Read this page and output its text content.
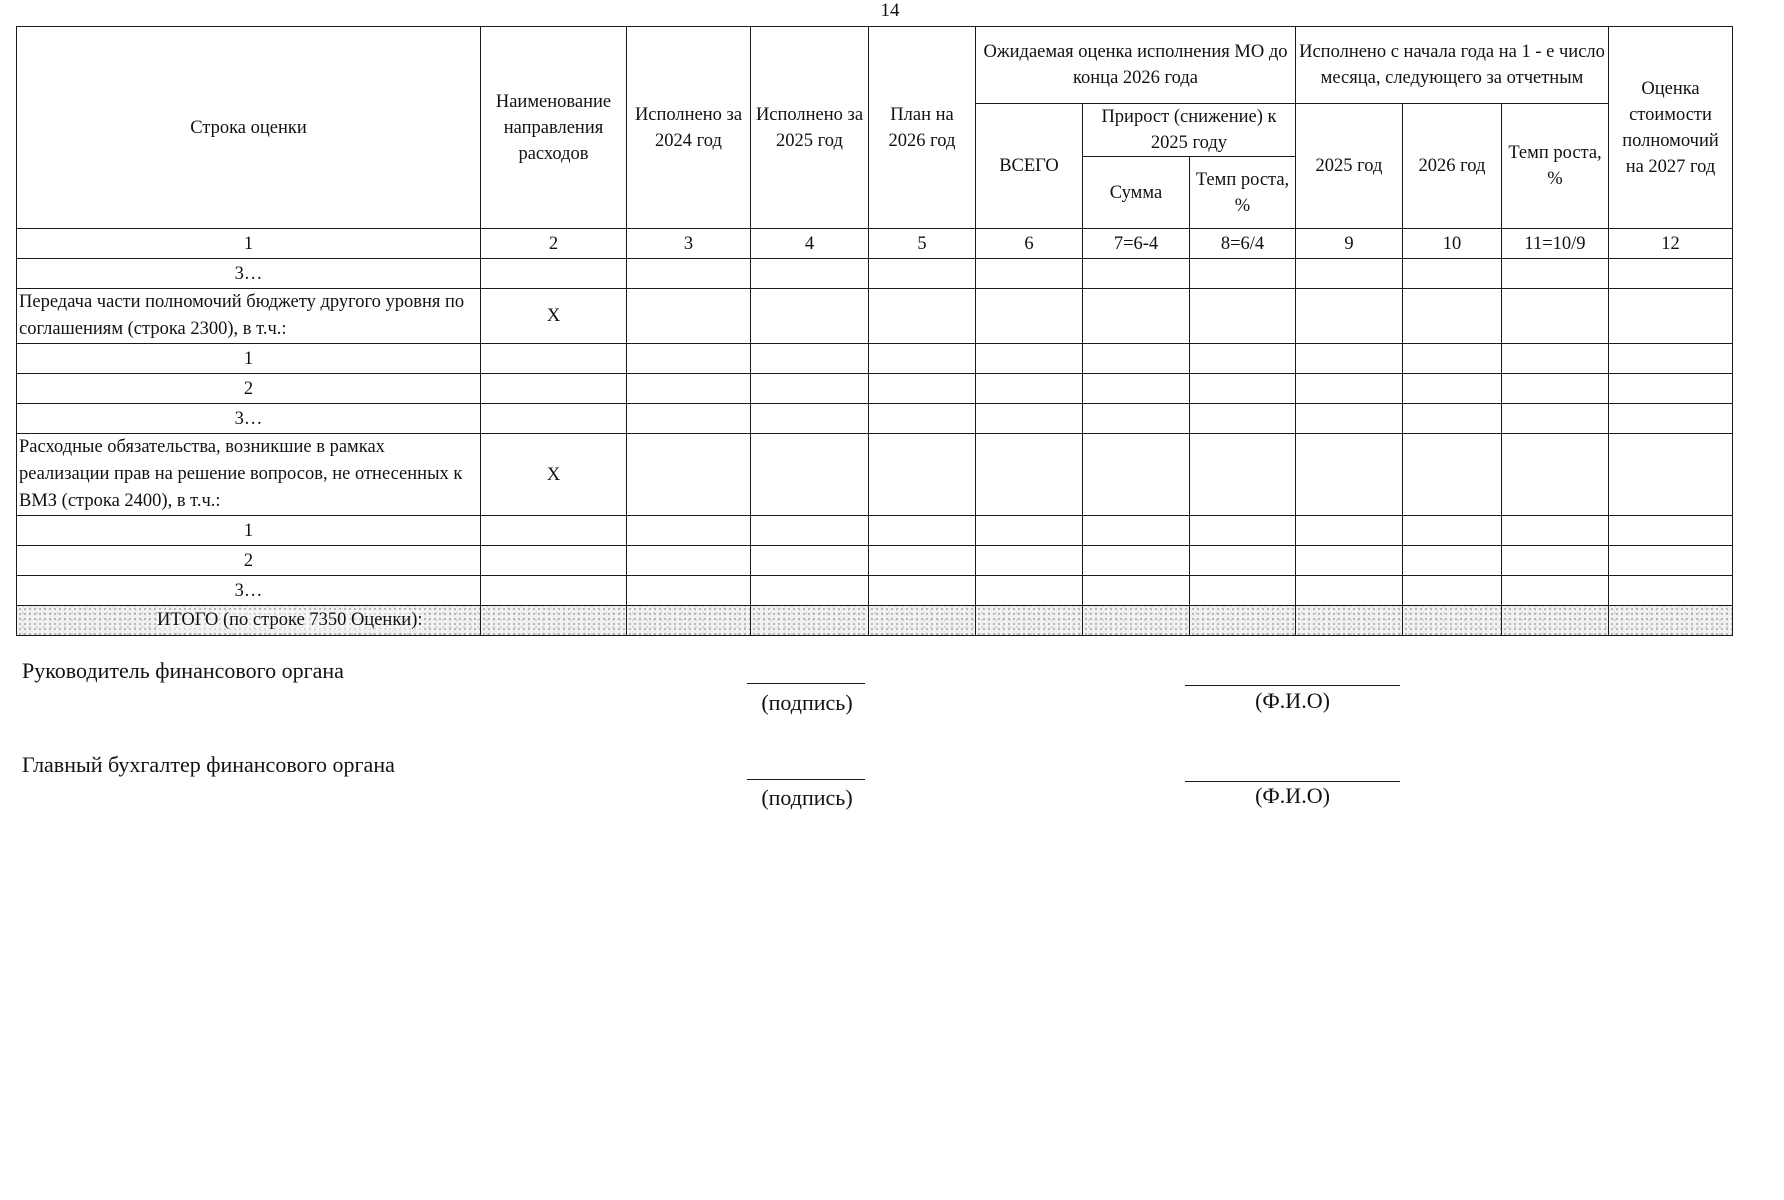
14
Строка оценки	Наименование направления расходов	Исполнено за 2024 год	Исполнено за 2025 год	План на 2026 год	Ожидаемая оценка исполнения МО до конца 2026 года			Исполнено с начала года на 1 - е число месяца, следующего за отчетным			Оценка стоимости полномочий на 2027 год
					ВСЕГО	Прирост (снижение) к 2025 году		2025 год	2026 год	Темп роста, %	
						Сумма	Темп роста, %				
1	2	3	4	5	6	7=6-4	8=6/4	9	10	11=10/9	12
3…											
Передача части полномочий бюджету другого уровня по соглашениям (строка 2300), в т.ч.:	Х										
1											
2											
3…											
Расходные обязательства, возникшие в рамках реализации прав на решение вопросов, не отнесенных к ВМЗ (строка 2400), в т.ч.:	Х										
1											
2											
3…											
ИТОГО (по строке 7350 Оценки):											
Руководитель финансового органа
(подпись)	(Ф.И.О)
Главный бухгалтер финансового органа
(подпись)	(Ф.И.О)
